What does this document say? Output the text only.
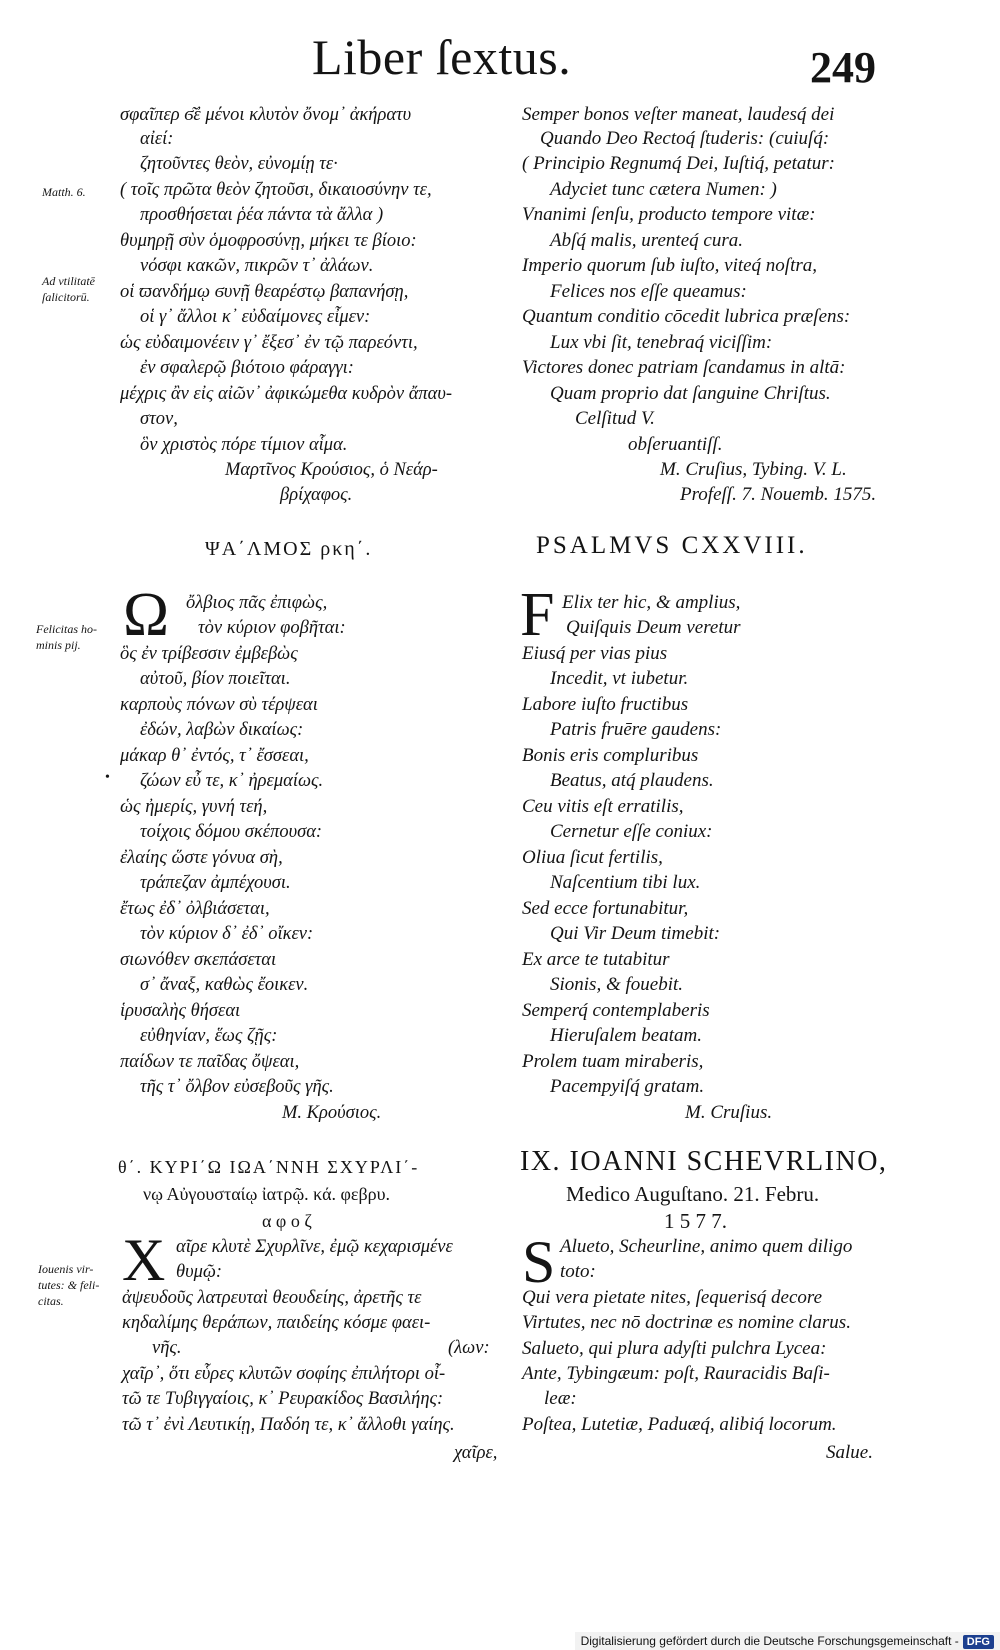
Liber ſextus.	249
Matth. 6.
Ad vtilitatē
ſalicitorū.
Felicitas ho-
minis pij.
Iouenis vir-
tutes: & feli-
citas.
•
σφαῖπερ ϭ͂ἐ μένοι κλυτὸν ὄνομ᾽ ἀκήρατυ
αἰεί:
ζητοῦντες θεὸν, εὐνομίῃ τε·
( τοῖς πρῶτα θεὸν ζητοῦσι, δικαιοσύνην τε,
προσθήσεται ῥέα πάντα τὰ ἄλλα )
θυμηρῇ σὺν ὁμοφροσύνῃ, μήκει τε βίοιο:
νόσφι κακῶν, πικρῶν τ᾽ ἀλάων.
οἱ ϖανδήμῳ ϭυνῇ θεαρέστῳ βαπανήσῃ,
οἱ γ᾽ ἄλλοι κ᾽ εὐδαίμονες εἶμεν:
ὡς εὐδαιμονέειν γ᾽ ἔξεσ᾽ ἐν τῷ παρεόντι,
ἐν σφαλερῷ βιότοιο φάραγγι:
μέχρις ἂν εἰς αἰῶν᾽ ἀφικώμεθα κυδρὸν ἄπαυ-
στον,
ὃν χριστὸς πόρε τίμιον αἷμα.
Μαρτῖνος Κρούσιος, ὁ Νεάρ-
βρίχαφος.
Semper bonos veſter maneat, laudesq́ dei
Quando Deo Rectoq́ ſtuderis: (cuiuſq́:
( Principio Regnumq́ Dei, Iuſtiq́, petatur:
Adyciet tunc cætera Numen: )
Vnanimi ſenſu, producto tempore vitæ:
Abſq́ malis, urenteq́ cura.
Imperio quorum ſub iuſto, viteq́ noſtra,
Felices nos eſſe queamus:
Quantum conditio cōcedit lubrica præſens:
Lux vbi ſit, tenebraq́ viciſſim:
Victores donec patriam ſcandamus in altā:
Quam proprio dat ſanguine Chriſtus.
Celſitud V.
obſeruantiſſ.
M. Cruſius, Tybing. V. L.
Profeſſ. 7. Nouemb. 1575.
ΨΑ΄ΛΜΟΣ ρκη΄.
Ω ὄλβιος πᾶς ἐπιφὼς,
τὸν κύριον φοβῆται:
ὃς ἐν τρίβεσσιν ἐμβεβὼς
αὐτοῦ, βίον ποιεῖται.
καρποὺς πόνων σὺ τέρψεαι
ἐδών, λαβὼν δικαίως:
μάκαρ θ᾽ ἐντός, τ᾽ ἔσσεαι,
ζώων εὖ τε, κ᾽ ἠρεμαίως.
ὡς ἠμερίς, γυνή τεή,
τοίχοις δόμου σκέπουσα:
ἐλαίης ὥστε γόνυα σὴ,
τράπεζαν ἀμπέχουσι.
ἔτως ἐδ᾽ ὀλβιάσεται,
τὸν κύριον δ᾽ ἐδ᾽ οἴκεν:
σιωνόθεν σκεπάσεται
σ᾽ ἄναξ, καθὼς ἔοικεν.
ἱρυσαλὴς θήσεαι
εὐθηνίαν, ἕως ζῇς:
παίδων τε παῖδας ὄψεαι,
τῆς τ᾽ ὄλβον εὐσεβοῦς γῆς.
Μ. Κρούσιος.
PSALMVS CXXVIII.
F Elix ter hic, & amplius,
Quiſquis Deum veretur
Eiusq́ per vias pius
Incedit, vt iubetur.
Labore iuſto fructibus
Patris fruēre gaudens:
Bonis eris compluribus
Beatus, atq́ plaudens.
Ceu vitis eſt erratilis,
Cernetur eſſe coniux:
Oliua ſicut fertilis,
Naſcentium tibi lux.
Sed ecce fortunabitur,
Qui Vir Deum timebit:
Ex arce te tutabitur
Sionis, & fouebit.
Semperq́ contemplaberis
Hieruſalem beatam.
Prolem tuam miraberis,
Pacempyiſq́ gratam.
M. Cruſius.
θ΄. ΚΥΡΙ΄Ω ΙΩΑ΄ΝΝΗ ΣΧΥΡΛΙ΄-
νῳ Αὐγουσταίῳ ἰατρῷ. κά. φεβρυ.
α φ ο ζ
Χ αῖρε κλυτὲ Σχυρλῖνε, ἐμῷ κεχαρισμένε
θυμῷ:
ἀψευδοῦς λατρευταὶ θεουδείης, ἀρετῆς τε
κηδαλίμης θεράπων, παιδείης κόσμε φαει-
νῆς.	(λων:
χαῖρ᾽, ὅτι εὗρες κλυτῶν σοφίης ἐπιλήτορι οἶ-
τῶ τε Τυβιγγαίοις, κ᾽ Ρευρακίδος Βασιλήης:
τῶ τ᾽ ἐνὶ Λευτικίῃ, Παδόη τε, κ᾽ ἄλλοθι γαίης.
χαῖρε,
IX. IOANNI SCHEVRLINO,
Medico Auguſtano. 21. Febru.
1 5 7 7.
S Alueto, Scheurline, animo quem diligo
toto:
Qui vera pietate nites, ſequerisq́ decore
Virtutes, nec nō doctrinæ es nomine clarus.
Salueto, qui plura adyſti pulchra Lycea:
Ante, Tybingæum: poſt, Rauracidis Baſi-
leæ:
Poſtea, Lutetiæ, Paduæq́, alibiq́ locorum.
Salue.
Digitalisierung gefördert durch die Deutsche Forschungsgemeinschaft - DFG
